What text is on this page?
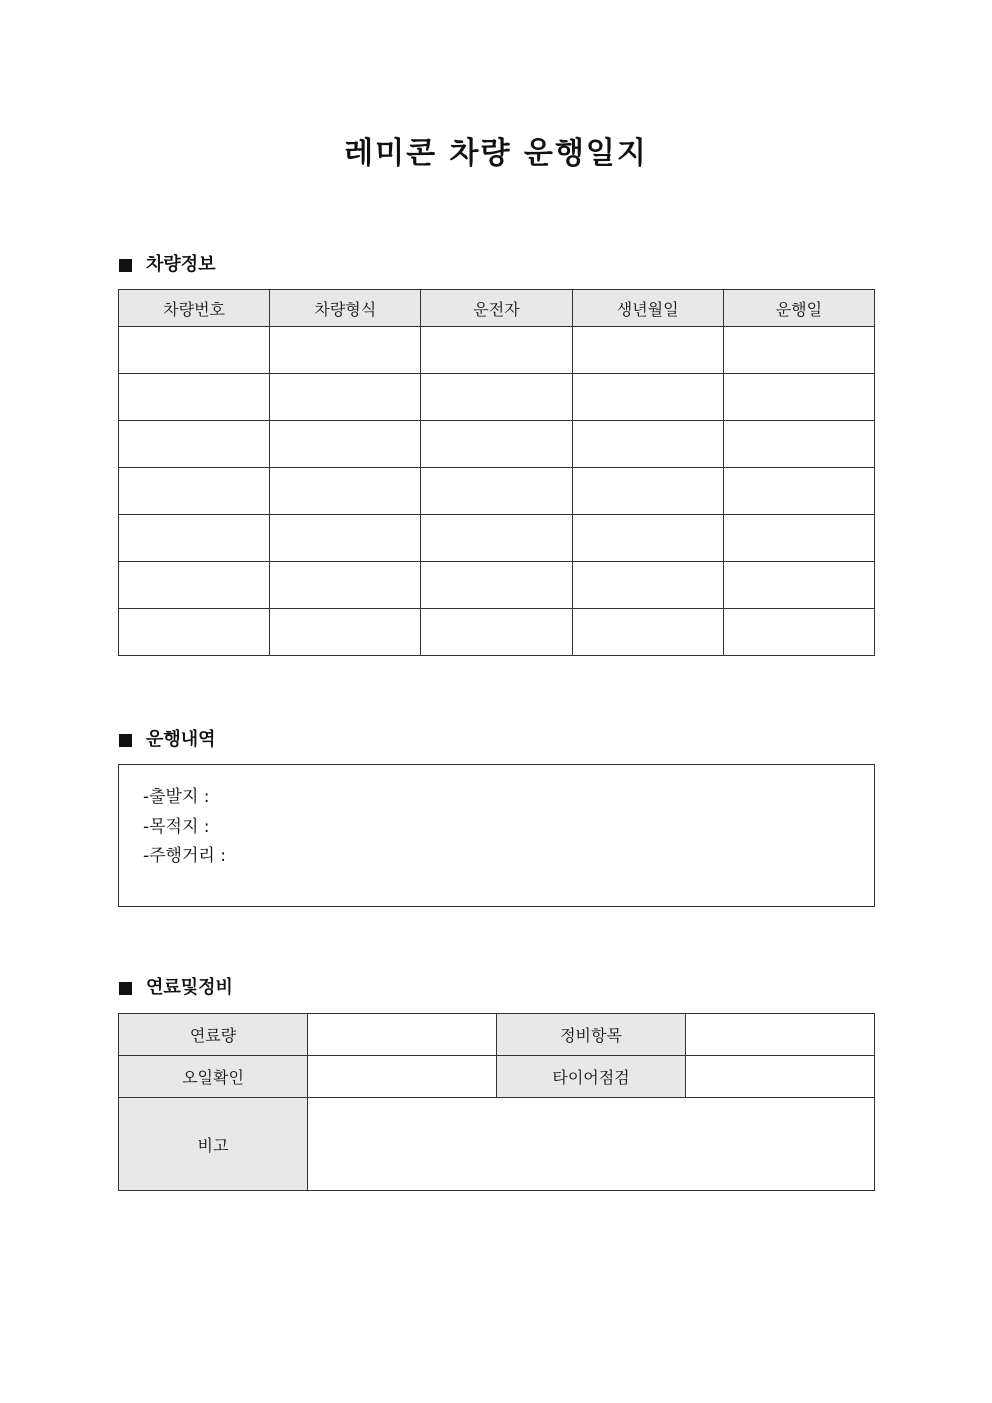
레미콘 차량 운행일지
차량정보
차량번호	차량형식	운전자	생년월일	운행일

운행내역
-출발지 :
-목적지 :
-주행거리 :
연료및정비
연료량		정비항목	
오일확인		타이어점검	
비고			
